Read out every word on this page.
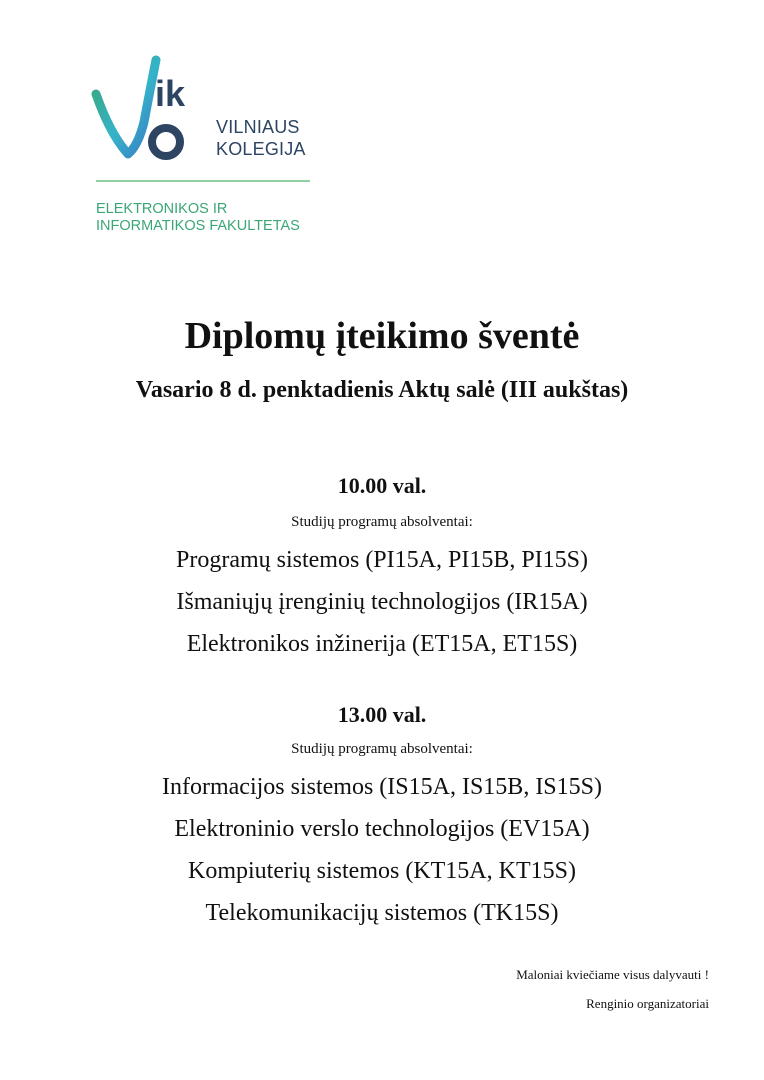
ik
VILNIAUS
KOLEGIJA
ELEKTRONIKOS IR
INFORMATIKOS FAKULTETAS
Diplomų įteikimo šventė
Vasario 8 d. penktadienis Aktų salė (III aukštas)
10.00 val.
Studijų programų absolventai:
Programų sistemos (PI15A, PI15B, PI15S)
Išmaniųjų įrenginių technologijos (IR15A)
Elektronikos inžinerija (ET15A, ET15S)
13.00 val.
Studijų programų absolventai:
Informacijos sistemos (IS15A, IS15B, IS15S)
Elektroninio verslo technologijos (EV15A)
Kompiuterių sistemos (KT15A, KT15S)
Telekomunikacijų sistemos (TK15S)
Maloniai kviečiame visus dalyvauti !
Renginio organizatoriai
